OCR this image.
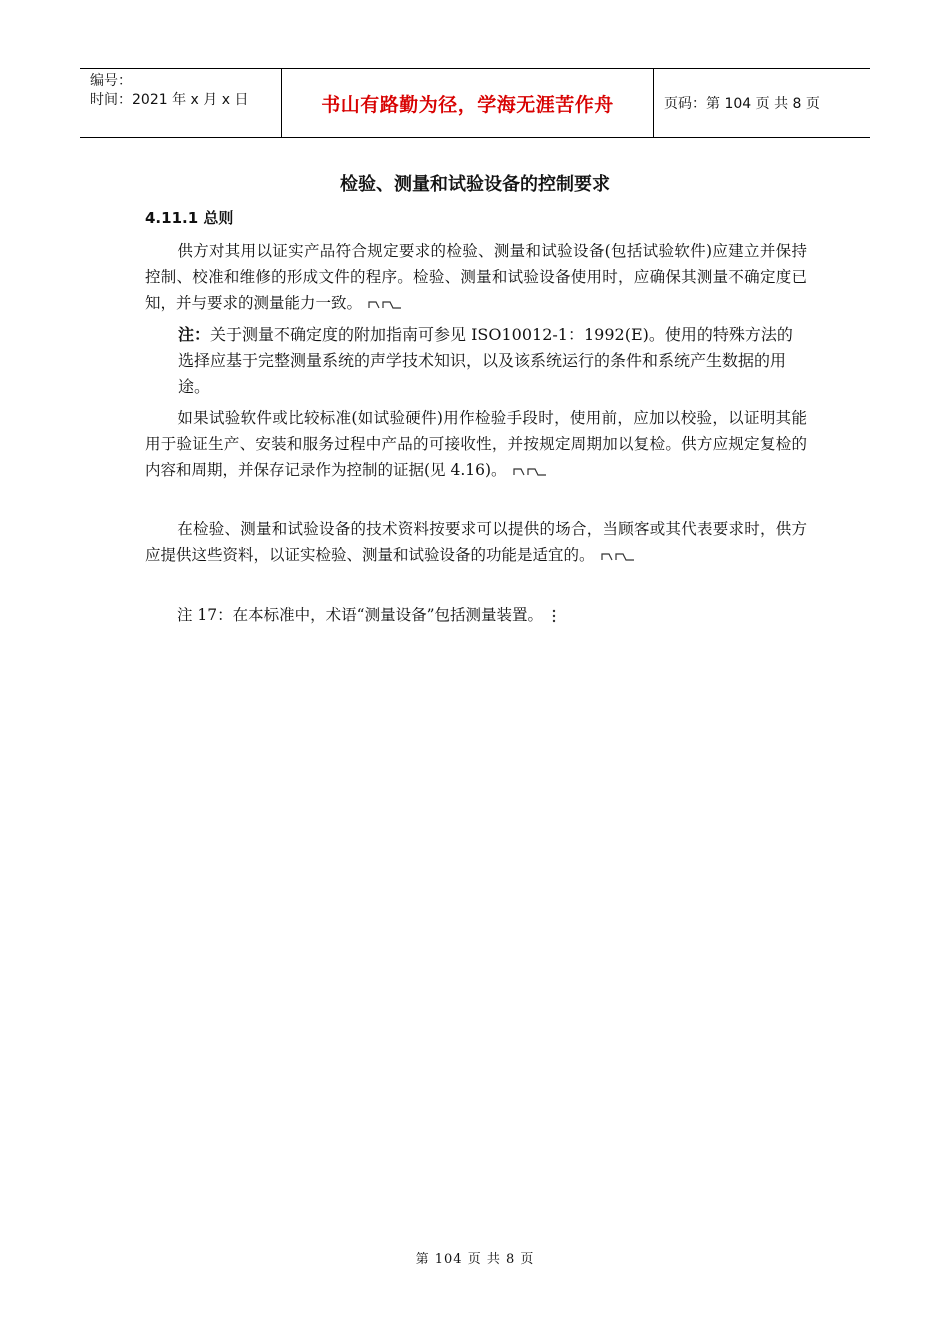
编号：
时间：2021 年 x 月 x 日	书山有路勤为径，学海无涯苦作舟	页码：第 104 页 共 8 页
检验、测量和试验设备的控制要求
4.11.1 总则

供方对其用以证实产品符合规定要求的检验、测量和试验设备(包括试验软件)应建立并保持控制、校准和维修的形成文件的程序。检验、测量和试验设备使用时，应确保其测量不确定度已知，并与要求的测量能力一致。

注：关于测量不确定度的附加指南可参见 ISO10012-1：1992(E)。使用的特殊方法的选择应基于完整测量系统的声学技术知识，以及该系统运行的条件和系统产生数据的用途。

如果试验软件或比较标准(如试验硬件)用作检验手段时，使用前，应加以校验，以证明其能用于验证生产、安装和服务过程中产品的可接收性，并按规定周期加以复检。供方应规定复检的内容和周期，并保存记录作为控制的证据(见 4.16)。

在检验、测量和试验设备的技术资料按要求可以提供的场合，当顾客或其代表要求时，供方应提供这些资料，以证实检验、测量和试验设备的功能是适宜的。

注 17：在本标准中，术语“测量设备”包括测量装置。

第 104 页 共 8 页
